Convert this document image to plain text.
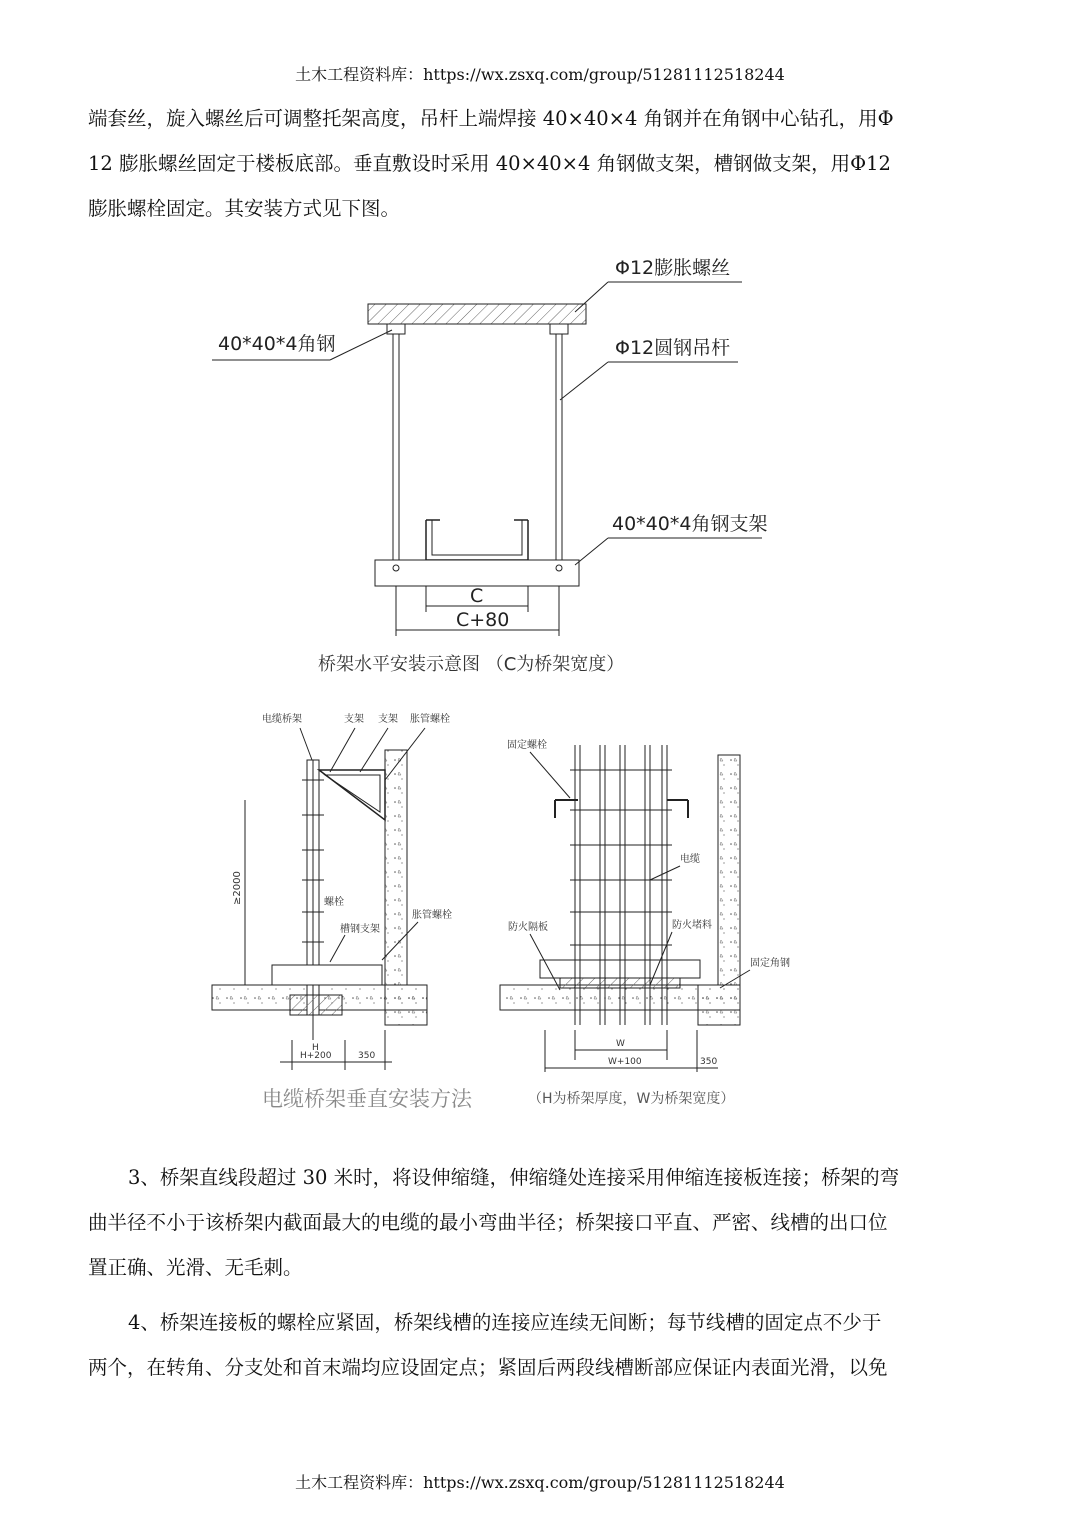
土木工程资料库：https://wx.zsxq.com/group/51281112518244

端套丝，旋入螺丝后可调整托架高度，吊杆上端焊接 40×40×4 角钢并在角钢中心钻孔，用Φ
12 膨胀螺丝固定于楼板底部。垂直敷设时采用 40×40×4 角钢做支架，槽钢做支架，用Φ12
膨胀螺栓固定。其安装方式见下图。

C
C+80
Φ12膨胀螺丝
40*40*4角钢	Φ12圆钢吊杆
40*40*4角钢支架
桥架水平安装示意图 （C为桥架宽度）
≥2000
H
H+200	350
电缆桥架	支架 支架 胀管螺栓
螺栓
槽钢支架
胀管螺栓
电缆桥架垂直安装方法
W
W+100	350
固定螺栓
电缆
防火隔板	防火堵料
固定角钢
（H为桥架厚度，W为桥架宽度）

3、桥架直线段超过 30 米时，将设伸缩缝，伸缩缝处连接采用伸缩连接板连接；桥架的弯
曲半径不小于该桥架内截面最大的电缆的最小弯曲半径；桥架接口平直、严密、线槽的出口位
置正确、光滑、无毛刺。

4、桥架连接板的螺栓应紧固，桥架线槽的连接应连续无间断；每节线槽的固定点不少于
两个，在转角、分支处和首末端均应设固定点；紧固后两段线槽断部应保证内表面光滑，以免

土木工程资料库：https://wx.zsxq.com/group/51281112518244
